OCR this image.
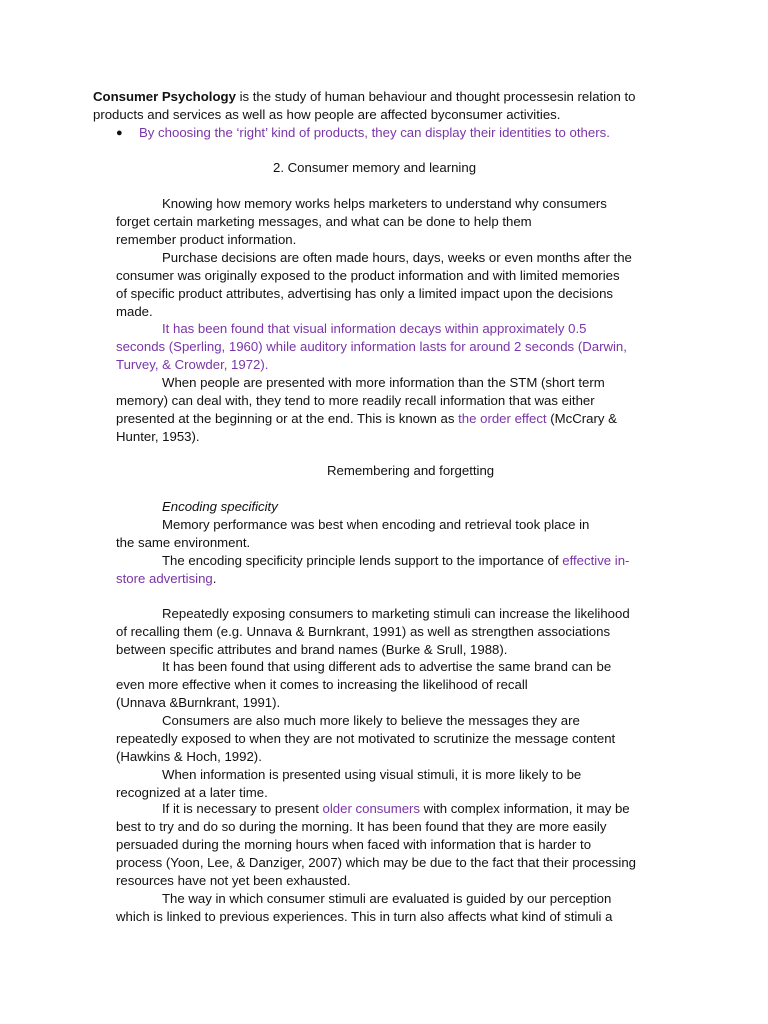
Consumer Psychology is the study of human behaviour and thought processesin relation to
products and services as well as how people are affected byconsumer activities.
● By choosing the ‘right’ kind of products, they can display their identities to others.
2. Consumer memory and learning
Knowing how memory works helps marketers to understand why consumers
forget certain marketing messages, and what can be done to help them
remember product information.
Purchase decisions are often made hours, days, weeks or even months after the
consumer was originally exposed to the product information and with limited memories
of specific product attributes, advertising has only a limited impact upon the decisions
made.
It has been found that visual information decays within approximately 0.5
seconds (Sperling, 1960) while auditory information lasts for around 2 seconds (Darwin,
Turvey, & Crowder, 1972).
When people are presented with more information than the STM (short term
memory) can deal with, they tend to more readily recall information that was either
presented at the beginning or at the end. This is known as the order effect (McCrary &
Hunter, 1953).
Remembering and forgetting
Encoding specificity
Memory performance was best when encoding and retrieval took place in
the same environment.
The encoding specificity principle lends support to the importance of effective in-
store advertising.
Repeatedly exposing consumers to marketing stimuli can increase the likelihood
of recalling them (e.g. Unnava & Burnkrant, 1991) as well as strengthen associations
between specific attributes and brand names (Burke & Srull, 1988).
It has been found that using different ads to advertise the same brand can be
even more effective when it comes to increasing the likelihood of recall
(Unnava &Burnkrant, 1991).
Consumers are also much more likely to believe the messages they are
repeatedly exposed to when they are not motivated to scrutinize the message content
(Hawkins & Hoch, 1992).
When information is presented using visual stimuli, it is more likely to be
recognized at a later time.
If it is necessary to present older consumers with complex information, it may be
best to try and do so during the morning. It has been found that they are more easily
persuaded during the morning hours when faced with information that is harder to
process (Yoon, Lee, & Danziger, 2007) which may be due to the fact that their processing
resources have not yet been exhausted.
The way in which consumer stimuli are evaluated is guided by our perception
which is linked to previous experiences. This in turn also affects what kind of stimuli a
